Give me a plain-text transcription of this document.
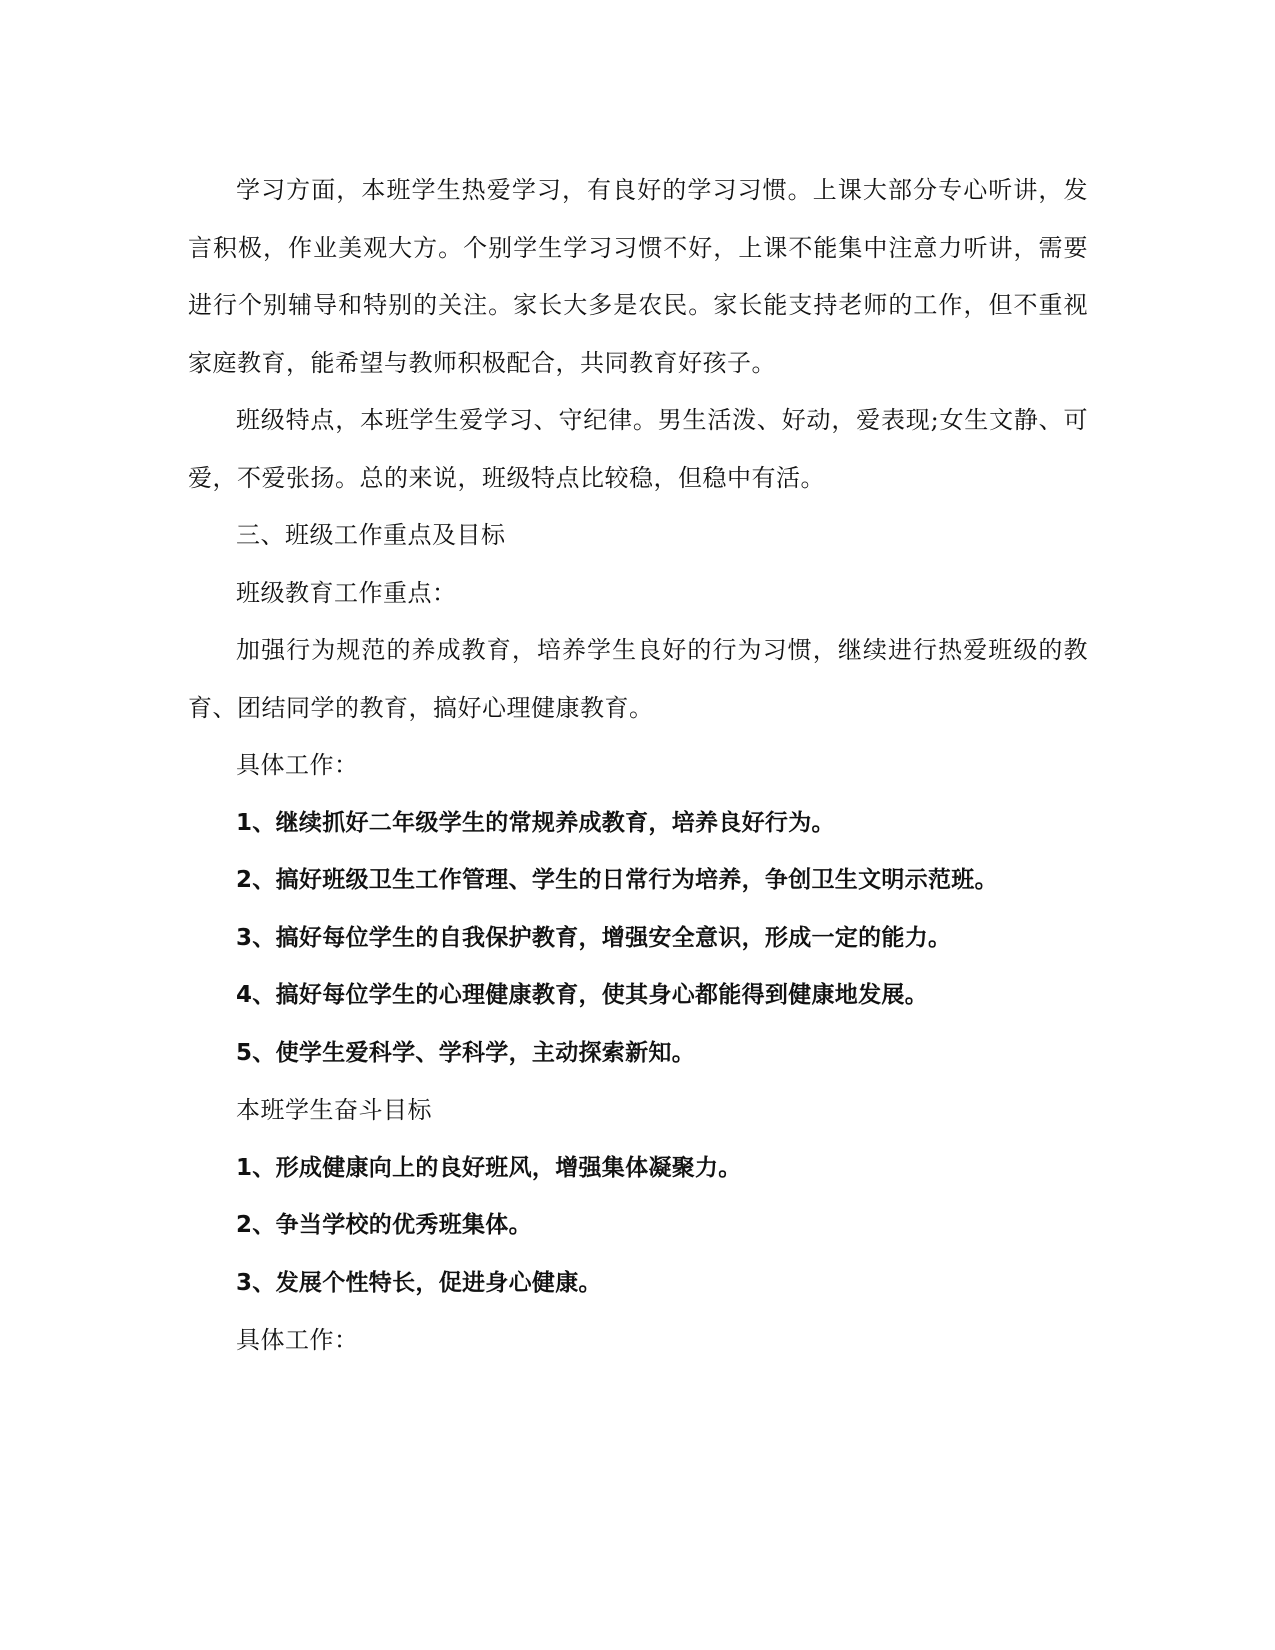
学习方面，本班学生热爱学习，有良好的学习习惯。上课大部分专心听讲，发言积极，作业美观大方。个别学生学习习惯不好，上课不能集中注意力听讲，需要进行个别辅导和特别的关注。家长大多是农民。家长能支持老师的工作，但不重视家庭教育，能希望与教师积极配合，共同教育好孩子。

班级特点，本班学生爱学习、守纪律。男生活泼、好动，爱表现;女生文静、可爱，不爱张扬。总的来说，班级特点比较稳，但稳中有活。

三、班级工作重点及目标

班级教育工作重点：

加强行为规范的养成教育，培养学生良好的行为习惯，继续进行热爱班级的教育、团结同学的教育，搞好心理健康教育。

具体工作：

1、继续抓好二年级学生的常规养成教育，培养良好行为。

2、搞好班级卫生工作管理、学生的日常行为培养，争创卫生文明示范班。

3、搞好每位学生的自我保护教育，增强安全意识，形成一定的能力。

4、搞好每位学生的心理健康教育，使其身心都能得到健康地发展。

5、使学生爱科学、学科学，主动探索新知。

本班学生奋斗目标

1、形成健康向上的良好班风，增强集体凝聚力。

2、争当学校的优秀班集体。

3、发展个性特长，促进身心健康。

具体工作：
